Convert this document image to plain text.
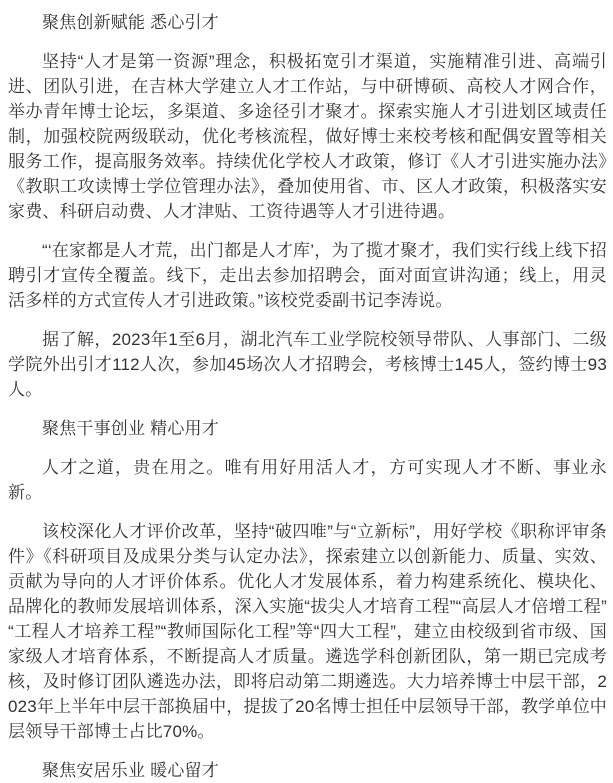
聚焦创新赋能 悉心引才

坚持“人才是第一资源”理念，积极拓宽引才渠道，实施精准引进、高端引进、团队引进，在吉林大学建立人才工作站，与中研博硕、高校人才网合作，举办青年博士论坛，多渠道、多途径引才聚才。探索实施人才引进划区域责任制，加强校院两级联动，优化考核流程，做好博士来校考核和配偶安置等相关服务工作，提高服务效率。持续优化学校人才政策，修订《人才引进实施办法》《教职工攻读博士学位管理办法》，叠加使用省、市、区人才政策，积极落实安家费、科研启动费、人才津贴、工资待遇等人才引进待遇。

“‘在家都是人才荒，出门都是人才库’，为了揽才聚才，我们实行线上线下招聘引才宣传全覆盖。线下，走出去参加招聘会，面对面宣讲沟通；线上，用灵活多样的方式宣传人才引进政策。”该校党委副书记李涛说。

据了解，2023年1至6月，湖北汽车工业学院校领导带队、人事部门、二级学院外出引才112人次，参加45场次人才招聘会，考核博士145人，签约博士93人。

聚焦干事创业 精心用才

人才之道，贵在用之。唯有用好用活人才，方可实现人才不断、事业永新。

该校深化人才评价改革，坚持“破四唯”与“立新标”，用好学校《职称评审条件》《科研项目及成果分类与认定办法》，探索建立以创新能力、质量、实效、贡献为导向的人才评价体系。优化人才发展体系，着力构建系统化、模块化、品牌化的教师发展培训体系，深入实施“拔尖人才培育工程”“高层人才倍增工程”“工程人才培养工程”“教师国际化工程”等“四大工程”，建立由校级到省市级、国家级人才培育体系，不断提高人才质量。遴选学科创新团队，第一期已完成考核，及时修订团队遴选办法，即将启动第二期遴选。大力培养博士中层干部，2023年上半年中层干部换届中，提拔了20名博士担任中层领导干部，教学单位中层领导干部博士占比70%。

聚焦安居乐业 暖心留才
